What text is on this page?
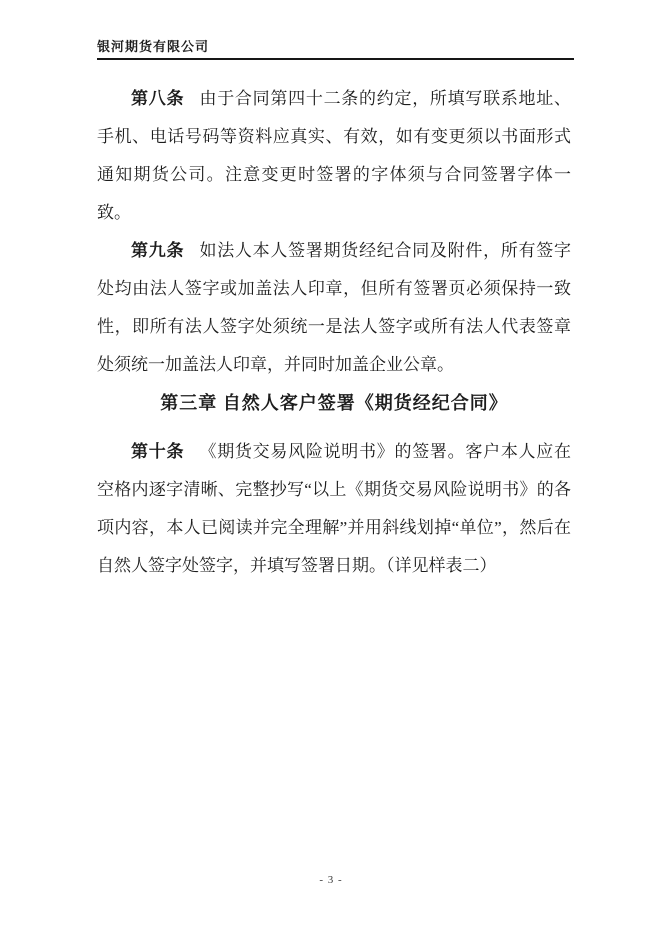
银河期货有限公司

第八条 由于合同第四十二条的约定，所填写联系地址、手机、电话号码等资料应真实、有效，如有变更须以书面形式通知期货公司。注意变更时签署的字体须与合同签署字体一致。

第九条 如法人本人签署期货经纪合同及附件，所有签字处均由法人签字或加盖法人印章，但所有签署页必须保持一致性，即所有法人签字处须统一是法人签字或所有法人代表签章处须统一加盖法人印章，并同时加盖企业公章。

第三章 自然人客户签署《期货经纪合同》

第十条 《期货交易风险说明书》的签署。客户本人应在空格内逐字清晰、完整抄写“以上《期货交易风险说明书》的各项内容，本人已阅读并完全理解”并用斜线划掉“单位”，然后在自然人签字处签字，并填写签署日期。（详见样表二）

- 3 -
